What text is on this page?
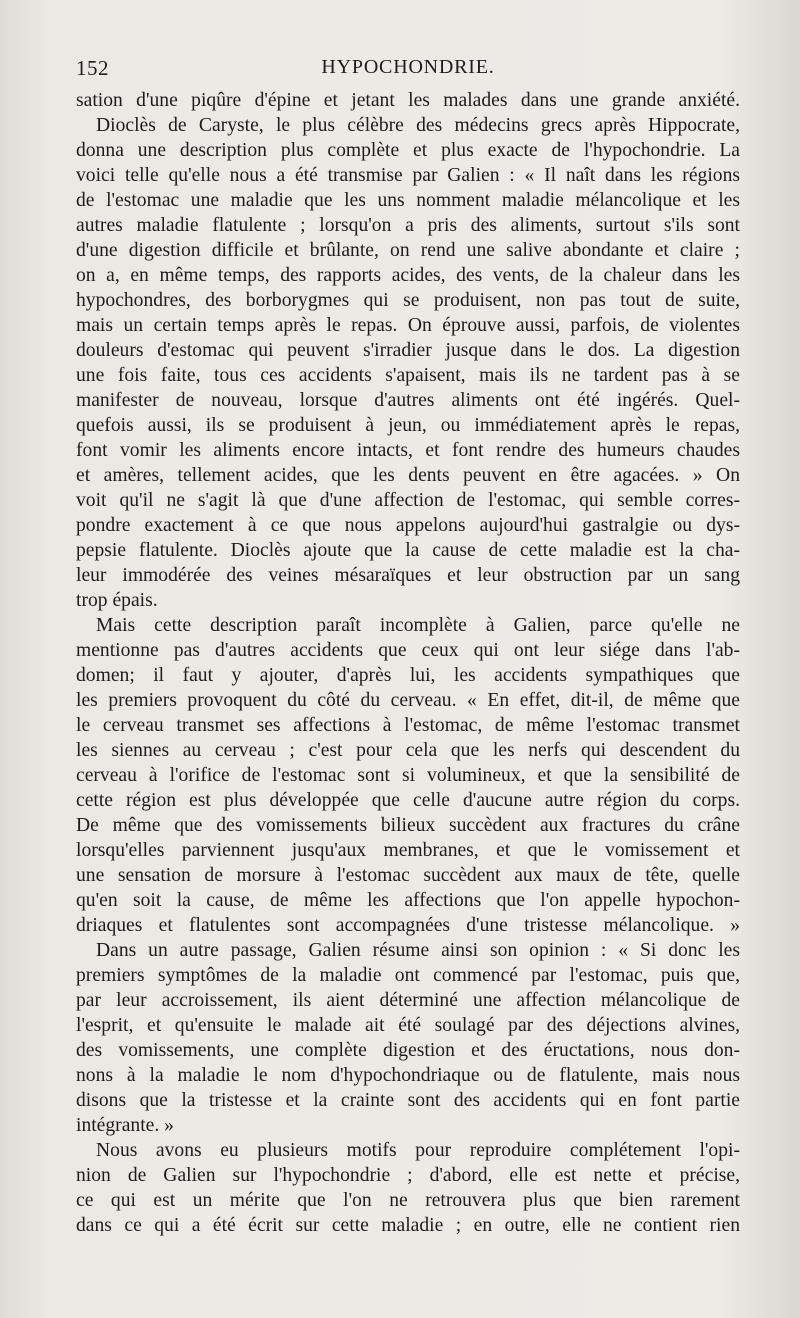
152	HYPOCHONDRIE.
sation d'une piqûre d'épine et jetant les malades dans une grande anxiété.
Dioclès de Caryste, le plus célèbre des médecins grecs après Hippocrate,
donna une description plus complète et plus exacte de l'hypochondrie. La
voici telle qu'elle nous a été transmise par Galien : « Il naît dans les régions
de l'estomac une maladie que les uns nomment maladie mélancolique et les
autres maladie flatulente ; lorsqu'on a pris des aliments, surtout s'ils sont
d'une digestion difficile et brûlante, on rend une salive abondante et claire ;
on a, en même temps, des rapports acides, des vents, de la chaleur dans les
hypochondres, des borborygmes qui se produisent, non pas tout de suite,
mais un certain temps après le repas. On éprouve aussi, parfois, de violentes
douleurs d'estomac qui peuvent s'irradier jusque dans le dos. La digestion
une fois faite, tous ces accidents s'apaisent, mais ils ne tardent pas à se
manifester de nouveau, lorsque d'autres aliments ont été ingérés. Quel-
quefois aussi, ils se produisent à jeun, ou immédiatement après le repas,
font vomir les aliments encore intacts, et font rendre des humeurs chaudes
et amères, tellement acides, que les dents peuvent en être agacées. » On
voit qu'il ne s'agit là que d'une affection de l'estomac, qui semble corres-
pondre exactement à ce que nous appelons aujourd'hui gastralgie ou dys-
pepsie flatulente. Dioclès ajoute que la cause de cette maladie est la cha-
leur immodérée des veines mésaraïques et leur obstruction par un sang
trop épais.
Mais cette description paraît incomplète à Galien, parce qu'elle ne
mentionne pas d'autres accidents que ceux qui ont leur siége dans l'ab-
domen; il faut y ajouter, d'après lui, les accidents sympathiques que
les premiers provoquent du côté du cerveau. « En effet, dit-il, de même que
le cerveau transmet ses affections à l'estomac, de même l'estomac transmet
les siennes au cerveau ; c'est pour cela que les nerfs qui descendent du
cerveau à l'orifice de l'estomac sont si volumineux, et que la sensibilité de
cette région est plus développée que celle d'aucune autre région du corps.
De même que des vomissements bilieux succèdent aux fractures du crâne
lorsqu'elles parviennent jusqu'aux membranes, et que le vomissement et
une sensation de morsure à l'estomac succèdent aux maux de tête, quelle
qu'en soit la cause, de même les affections que l'on appelle hypochon-
driaques et flatulentes sont accompagnées d'une tristesse mélancolique. »
Dans un autre passage, Galien résume ainsi son opinion : « Si donc les
premiers symptômes de la maladie ont commencé par l'estomac, puis que,
par leur accroissement, ils aient déterminé une affection mélancolique de
l'esprit, et qu'ensuite le malade ait été soulagé par des déjections alvines,
des vomissements, une complète digestion et des éructations, nous don-
nons à la maladie le nom d'hypochondriaque ou de flatulente, mais nous
disons que la tristesse et la crainte sont des accidents qui en font partie
intégrante. »
Nous avons eu plusieurs motifs pour reproduire complétement l'opi-
nion de Galien sur l'hypochondrie ; d'abord, elle est nette et précise,
ce qui est un mérite que l'on ne retrouvera plus que bien rarement
dans ce qui a été écrit sur cette maladie ; en outre, elle ne contient rien
